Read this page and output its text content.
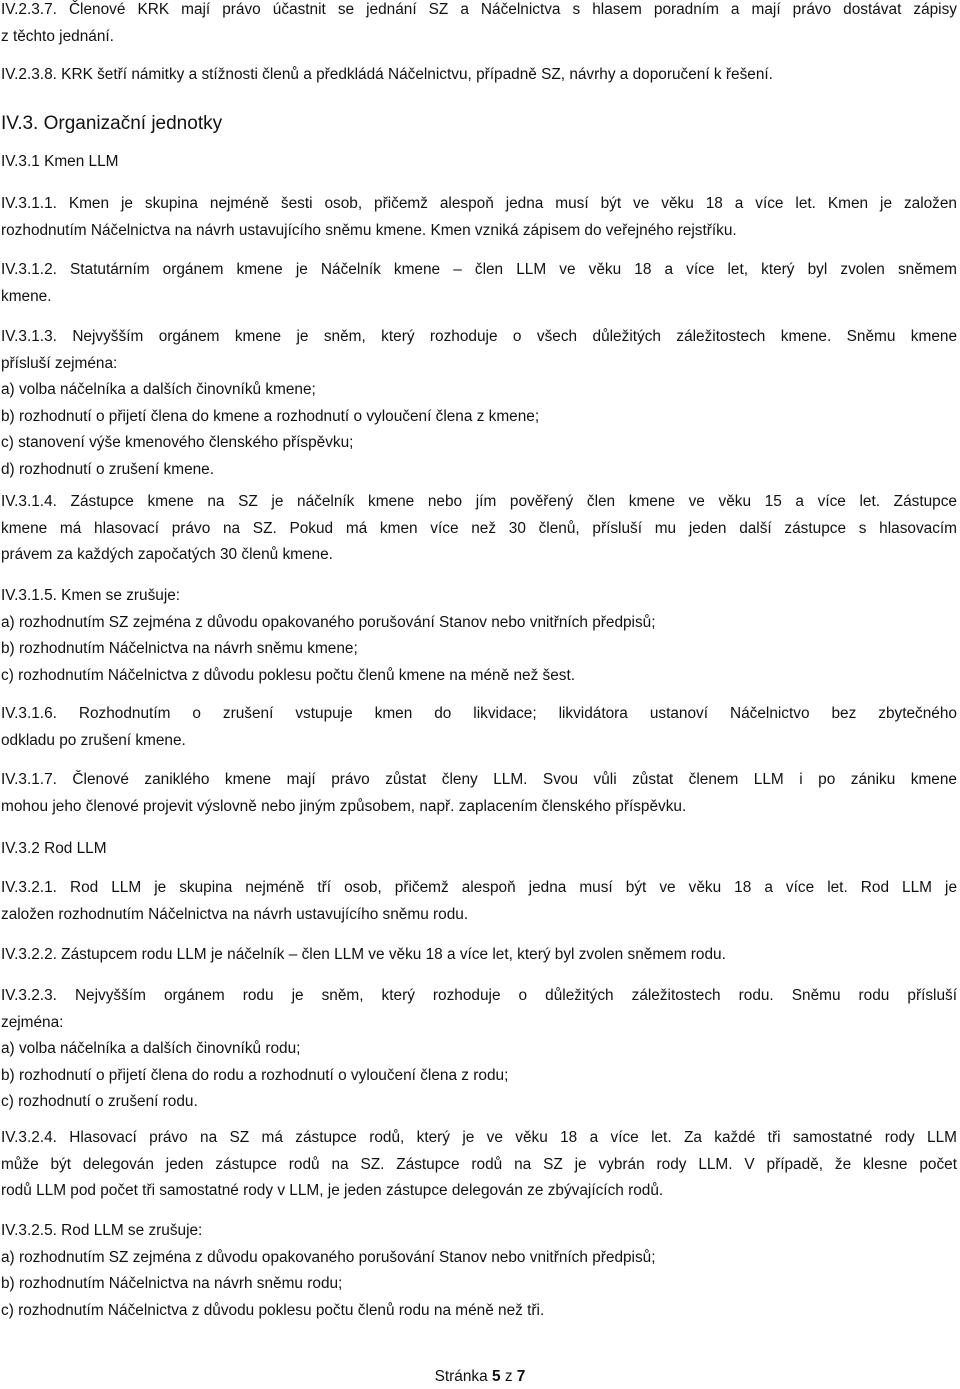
IV.2.3.7. Členové KRK mají právo účastnit se jednání SZ a Náčelnictva s hlasem poradním a mají právo dostávat zápisy
z těchto jednání.
IV.2.3.8. KRK šetří námitky a stížnosti členů a předkládá Náčelnictvu, případně SZ, návrhy a doporučení k řešení.
IV.3. Organizační jednotky
IV.3.1 Kmen LLM
IV.3.1.1. Kmen je skupina nejméně šesti osob, přičemž alespoň jedna musí být ve věku 18 a více let. Kmen je založen
rozhodnutím Náčelnictva na návrh ustavujícího sněmu kmene. Kmen vzniká zápisem do veřejného rejstříku.
IV.3.1.2. Statutárním orgánem kmene je Náčelník kmene – člen LLM ve věku 18 a více let, který byl zvolen sněmem
kmene.
IV.3.1.3. Nejvyšším orgánem kmene je sněm, který rozhoduje o všech důležitých záležitostech kmene. Sněmu kmene
přísluší zejména:
a) volba náčelníka a dalších činovníků kmene;
b) rozhodnutí o přijetí člena do kmene a rozhodnutí o vyloučení člena z kmene;
c) stanovení výše kmenového členského příspěvku;
d) rozhodnutí o zrušení kmene.
IV.3.1.4. Zástupce kmene na SZ je náčelník kmene nebo jím pověřený člen kmene ve věku 15 a více let. Zástupce
kmene má hlasovací právo na SZ. Pokud má kmen více než 30 členů, přísluší mu jeden další zástupce s hlasovacím
právem za každých započatých 30 členů kmene.
IV.3.1.5. Kmen se zrušuje:
a) rozhodnutím SZ zejména z důvodu opakovaného porušování Stanov nebo vnitřních předpisů;
b) rozhodnutím Náčelnictva na návrh sněmu kmene;
c) rozhodnutím Náčelnictva z důvodu poklesu počtu členů kmene na méně než šest.
IV.3.1.6. Rozhodnutím o zrušení vstupuje kmen do likvidace; likvidátora ustanoví Náčelnictvo bez zbytečného
odkladu po zrušení kmene.
IV.3.1.7. Členové zaniklého kmene mají právo zůstat členy LLM. Svou vůli zůstat členem LLM i po zániku kmene
mohou jeho členové projevit výslovně nebo jiným způsobem, např. zaplacením členského příspěvku.
IV.3.2 Rod LLM
IV.3.2.1. Rod LLM je skupina nejméně tří osob, přičemž alespoň jedna musí být ve věku 18 a více let. Rod LLM je
založen rozhodnutím Náčelnictva na návrh ustavujícího sněmu rodu.
IV.3.2.2. Zástupcem rodu LLM je náčelník – člen LLM ve věku 18 a více let, který byl zvolen sněmem rodu.
IV.3.2.3. Nejvyšším orgánem rodu je sněm, který rozhoduje o důležitých záležitostech rodu. Sněmu rodu přísluší
zejména:
a) volba náčelníka a dalších činovníků rodu;
b) rozhodnutí o přijetí člena do rodu a rozhodnutí o vyloučení člena z rodu;
c) rozhodnutí o zrušení rodu.
IV.3.2.4. Hlasovací právo na SZ má zástupce rodů, který je ve věku 18 a více let. Za každé tři samostatné rody LLM
může být delegován jeden zástupce rodů na SZ. Zástupce rodů na SZ je vybrán rody LLM. V případě, že klesne počet
rodů LLM pod počet tři samostatné rody v LLM, je jeden zástupce delegován ze zbývajících rodů.
IV.3.2.5. Rod LLM se zrušuje:
a) rozhodnutím SZ zejména z důvodu opakovaného porušování Stanov nebo vnitřních předpisů;
b) rozhodnutím Náčelnictva na návrh sněmu rodu;
c) rozhodnutím Náčelnictva z důvodu poklesu počtu členů rodu na méně než tři.
Stránka 5 z 7
